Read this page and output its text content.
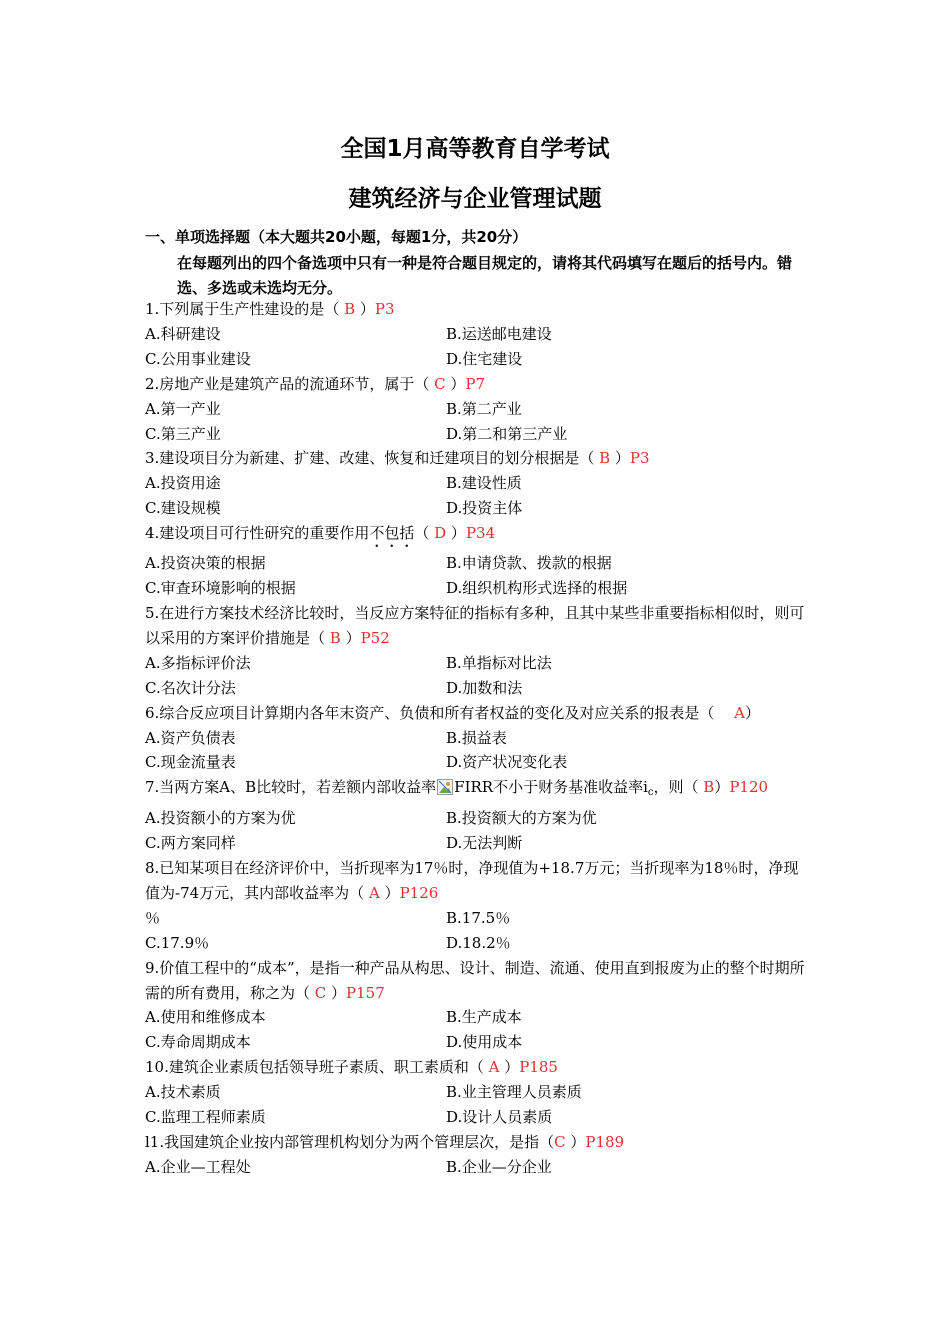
全国1月高等教育自学考试
建筑经济与企业管理试题
一、单项选择题（本大题共20小题，每题1分，共20分）
在每题列出的四个备选项中只有一种是符合题目规定的，请将其代码填写在题后的括号内。错选、多选或未选均无分。
1.下列属于生产性建设的是（ B ）P3
A.科研建设	B.运送邮电建设
C.公用事业建设	D.住宅建设
2.房地产业是建筑产品的流通环节，属于（ C ）P7
A.第一产业	B.第二产业
C.第三产业	D.第二和第三产业
3.建设项目分为新建、扩建、改建、恢复和迁建项目的划分根据是（ B ）P3
A.投资用途	B.建设性质
C.建设规模	D.投资主体
4.建设项目可行性研究的重要作用不包括（ D ）P34
A.投资决策的根据	B.申请贷款、拨款的根据
C.审查环境影响的根据	D.组织机构形式选择的根据
5.在进行方案技术经济比较时，当反应方案特征的指标有多种，且其中某些非重要指标相似时，则可以采用的方案评价措施是（ B ）P52
A.多指标评价法	B.单指标对比法
C.名次计分法	D.加数和法
6.综合反应项目计算期内各年末资产、负债和所有者权益的变化及对应关系的报表是（　 A）
A.资产负债表	B.损益表
C.现金流量表	D.资产状况变化表
7.当两方案A、B比较时，若差额内部收益率 FIRR不小于财务基准收益率$i_c$，则（ B）P120
A.投资额小的方案为优	B.投资额大的方案为优
C.两方案同样	D.无法判断
8.已知某项目在经济评价中，当折现率为17％时，净现值为+18.7万元；当折现率为18％时，净现值为-74万元，其内部收益率为（ A ）P126
％	B.17.5％
C.17.9％	D.18.2％
9.价值工程中的“成本”，是指一种产品从构思、设计、制造、流通、使用直到报废为止的整个时期所需的所有费用，称之为（ C ）P157
A.使用和维修成本	B.生产成本
C.寿命周期成本	D.使用成本
10.建筑企业素质包括领导班子素质、职工素质和（ A ）P185
A.技术素质	B.业主管理人员素质
C.监理工程师素质	D.设计人员素质
l1.我国建筑企业按内部管理机构划分为两个管理层次，是指（C ）P189
A.企业—工程处	B.企业—分企业
